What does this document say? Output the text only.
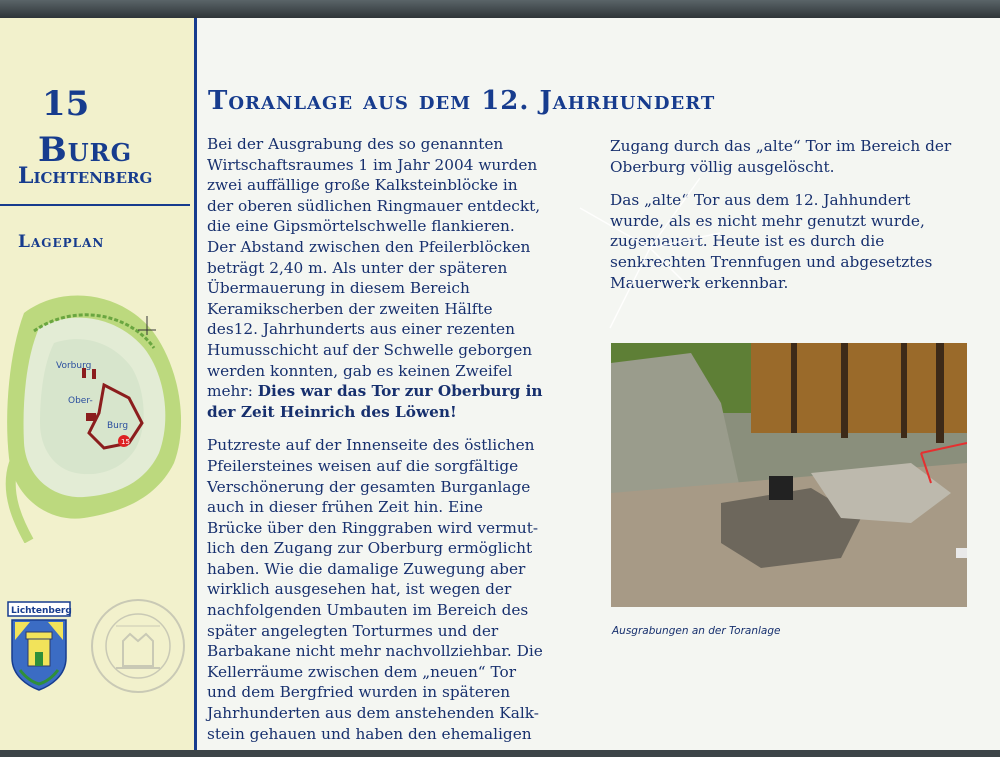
15
Burg
Lichtenberg
Lageplan
15
Vorburg
Ober-
Burg
Lichtenberg
Toranlage aus dem 12. Jahrhundert
Bei der Ausgrabung des so genannten
Wirtschaftsraumes 1 im Jahr 2004 wurden
zwei auffällige große Kalksteinblöcke in
der oberen südlichen Ringmauer entdeckt,
die eine Gipsmörtelschwelle flankieren.
Der Abstand zwischen den Pfeilerblöcken
beträgt 2,40 m. Als unter der späteren
Übermauerung in diesem Bereich
Keramikscherben der zweiten Hälfte
des12. Jahrhunderts aus einer rezenten
Humusschicht auf der Schwelle geborgen
werden konnten, gab es keinen Zweifel
mehr: Dies war das Tor zur Oberburg in
der Zeit Heinrich des Löwen!
Putzreste auf der Innenseite des östlichen
Pfeilersteines weisen auf die sorgfältige
Verschönerung der gesamten Burganlage
auch in dieser frühen Zeit hin. Eine
Brücke über den Ringgraben wird vermut-
lich den Zugang zur Oberburg ermöglicht
haben. Wie die damalige Zuwegung aber
wirklich ausgesehen hat, ist wegen der
nachfolgenden Umbauten im Bereich des
später angelegten Torturmes und der
Barbakane nicht mehr nachvollziehbar. Die
Kellerräume zwischen dem „neuen“ Tor
und dem Bergfried wurden in späteren
Jahrhunderten aus dem anstehenden Kalk-
stein gehauen und haben den ehemaligen
Zugang durch das „alte“ Tor im Bereich der
Oberburg völlig ausgelöscht.
Das „alte“ Tor aus dem 12. Jahhundert
wurde, als es nicht mehr genutzt wurde,
zugemauert. Heute ist es durch die
senkrechten Trennfugen und abgesetztes
Mauerwerk erkennbar.
Ausgrabungen an der Toranlage
